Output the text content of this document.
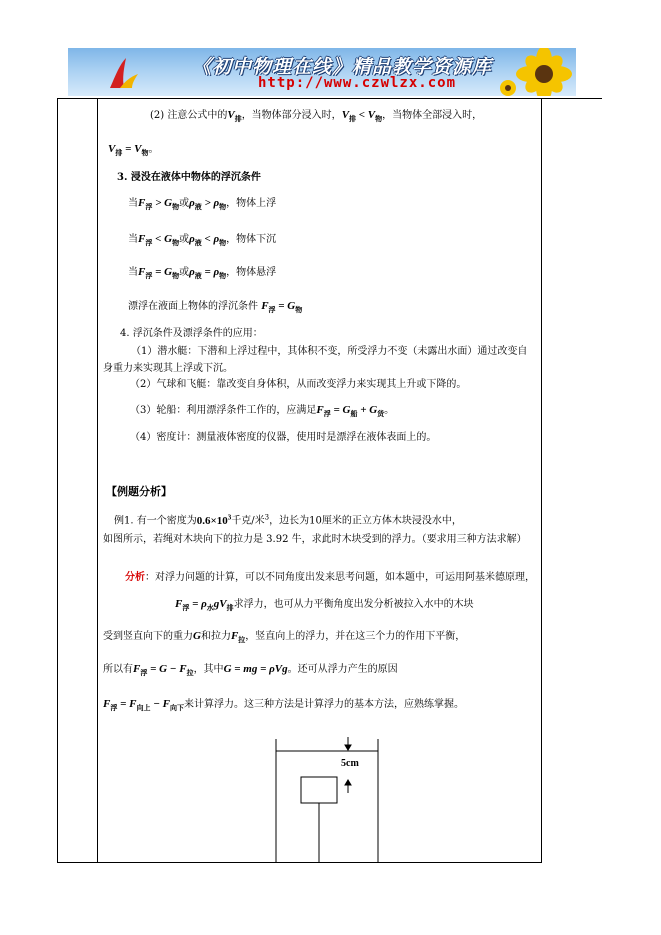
《初中物理在线》精品教学资源库
http://www.czwlzx.com
(2) 注意公式中的$V_排$，当物体部分浸入时，$V_排 < V_物$，当物体全部浸入时，
$V_排 = V_物$。
3. 浸没在液体中物体的浮沉条件
当$F_浮 > G_物$或$\rho_液 > \rho_物$，物体上浮
当$F_浮 < G_物$或$\rho_液 < \rho_物$，物体下沉
当$F_浮 = G_物$或$\rho_液 = \rho_物$，物体悬浮
漂浮在液面上物体的浮沉条件 $F_浮 = G_物$
4. 浮沉条件及漂浮条件的应用：
（1）潜水艇：下潜和上浮过程中，其体积不变，所受浮力不变（未露出水面）通过改变自身重力来实现其上浮或下沉。
（2）气球和飞艇：靠改变自身体积，从而改变浮力来实现其上升或下降的。
（3）轮船：利用漂浮条件工作的，应满足$F_浮 = G_船 + G_货$。
（4）密度计：测量液体密度的仪器，使用时是漂浮在液体表面上的。
【例题分析】
例1. 有一个密度为$0.6\times 10^3$千克/米$^3$，边长为10厘米的正立方体木块浸没水中，
如图所示，若绳对木块向下的拉力是 3.92 牛，求此时木块受到的浮力。（要求用三种方法求解）
分析：对浮力问题的计算，可以不同角度出发来思考问题，如本题中，可运用阿基米德原理，
$F_浮 = \rho_水gV_排$求浮力，也可从力平衡角度出发分析被拉入水中的木块
受到竖直向下的重力G和拉力$F_拉$，竖直向上的浮力，并在这三个力的作用下平衡，
所以有$F_浮 = G - F_拉$，其中G = mg = ρVg。还可从浮力产生的原因
$F_浮 = F_{向上} - F_{向下}$来计算浮力。这三种方法是计算浮力的基本方法，应熟练掌握。
5cm
